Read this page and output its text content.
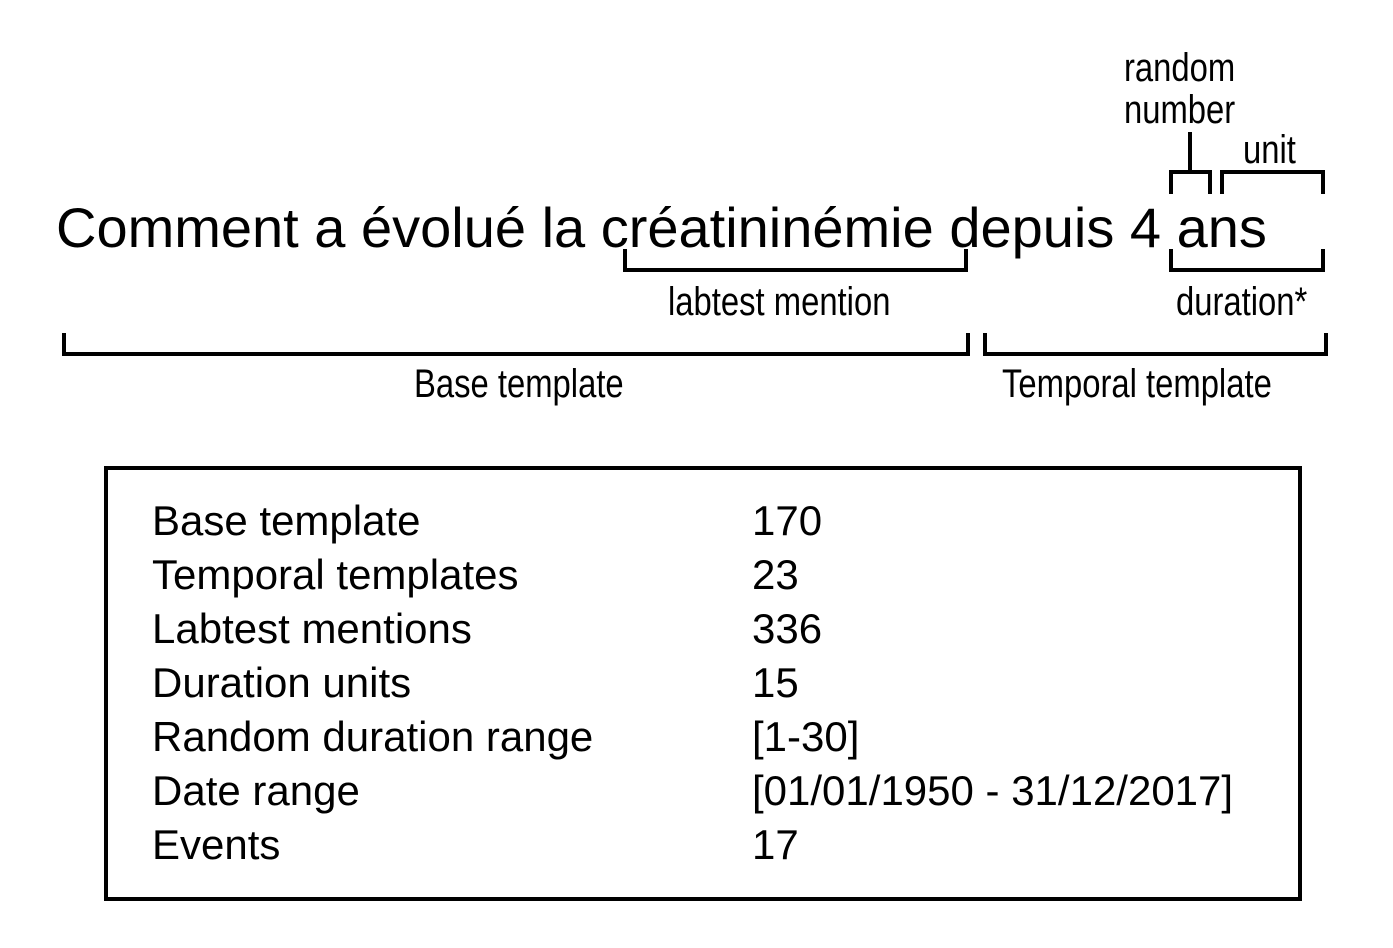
random
number
unit
Comment a évolué la créatininémie depuis 4 ans
labtest mention	duration*
Base template	Temporal template
Base template	170
Temporal templates	23
Labtest mentions	336
Duration units	15
Random duration range	[1-30]
Date range	[01/01/1950 - 31/12/2017]
Events	17
